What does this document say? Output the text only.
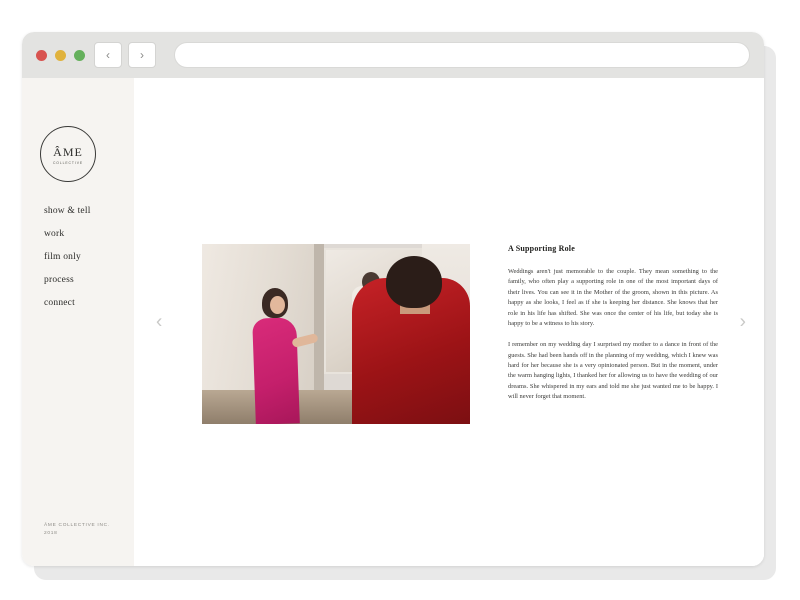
‹	›
ÂME
COLLECTIVE
show & tell
work
film only
process
connect
ÂME COLLECTIVE INC.
2018
‹	›
A Supporting Role

Weddings aren't just memorable to the couple. They mean something to the family, who often play a supporting role in one of the most important days of their lives. You can see it in the Mother of the groom, shown in this picture. As happy as she looks, I feel as if she is keeping her distance. She knows that her role in his life has shifted. She was once the center of his life, but today she is happy to be a witness to his story.

I remember on my wedding day I surprised my mother to a dance in front of the guests. She had been hands off in the planning of my wedding, which I knew was hard for her because she is a very opinionated person. But in the moment, under the warm hanging lights, I thanked her for allowing us to have the wedding of our dreams. She whispered in my ears and told me she just wanted me to be happy. I will never forget that moment.
